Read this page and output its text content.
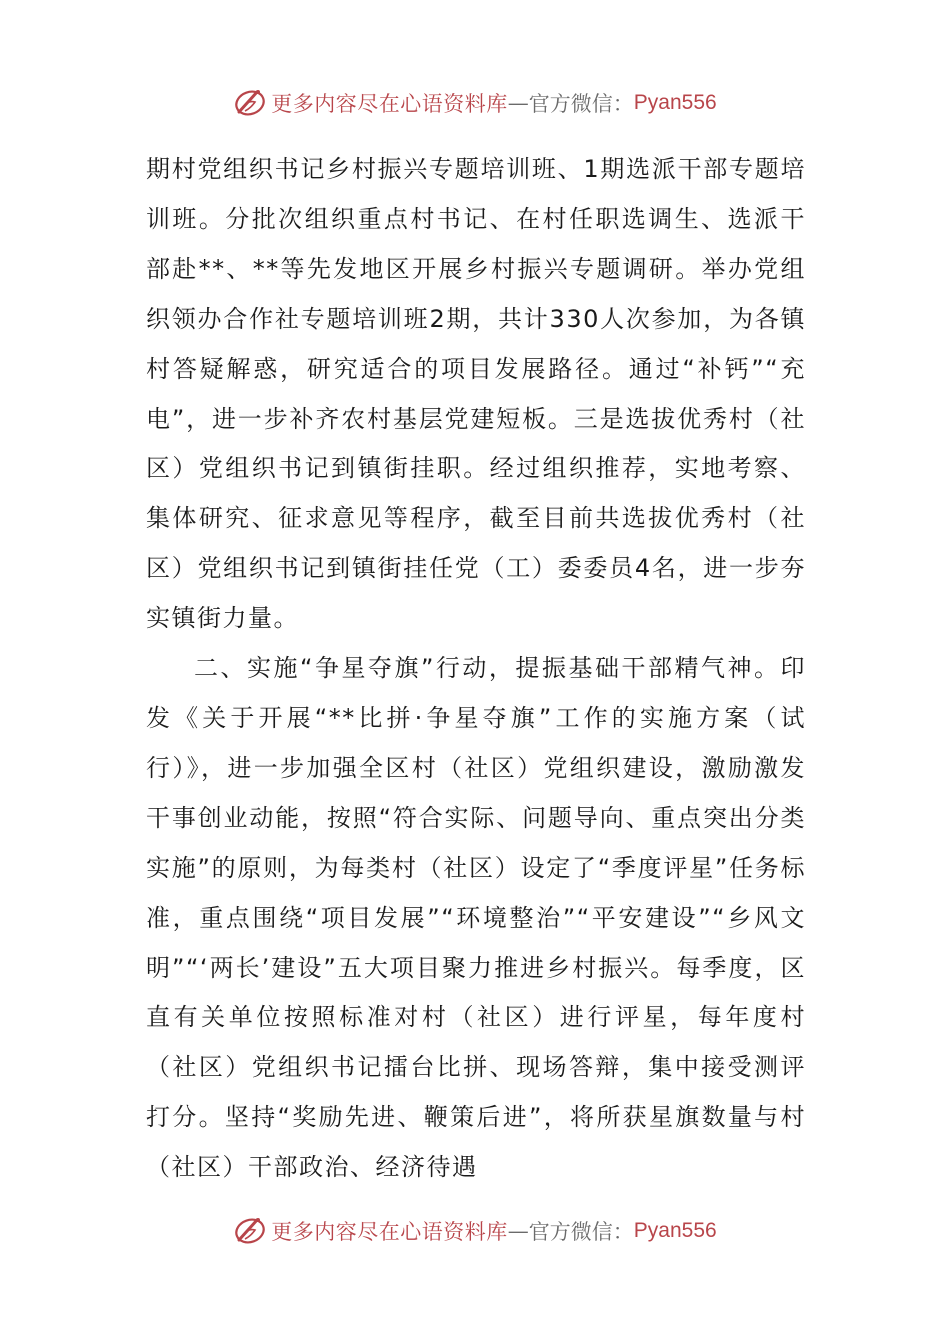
更多内容尽在心语资料库 — 官方微信： Pyan556

期村党组织书记乡村振兴专题培训班、1期选派干部专题培训班。分批次组织重点村书记、在村任职选调生、选派干部赴**、**等先发地区开展乡村振兴专题调研。举办党组织领办合作社专题培训班2期，共计330人次参加，为各镇村答疑解惑，研究适合的项目发展路径。通过“补钙”“充电”，进一步补齐农村基层党建短板。三是选拔优秀村（社区）党组织书记到镇街挂职。经过组织推荐，实地考察、集体研究、征求意见等程序，截至目前共选拔优秀村（社区）党组织书记到镇街挂任党（工）委委员4名，进一步夯实镇街力量。

二、实施“争星夺旗”行动，提振基础干部精气神。印发《关于开展“**比拼·争星夺旗”工作的实施方案（试行）》，进一步加强全区村（社区）党组织建设，激励激发干事创业动能，按照“符合实际、问题导向、重点突出分类实施”的原则，为每类村（社区）设定了“季度评星”任务标准，重点围绕“项目发展”“环境整治”“平安建设”“乡风文明”“‘两长’建设”五大项目聚力推进乡村振兴。每季度，区直有关单位按照标准对村（社区）进行评星，每年度村（社区）党组织书记擂台比拼、现场答辩，集中接受测评打分。坚持“奖励先进、鞭策后进”，将所获星旗数量与村（社区）干部政治、经济待遇

更多内容尽在心语资料库 — 官方微信： Pyan556
